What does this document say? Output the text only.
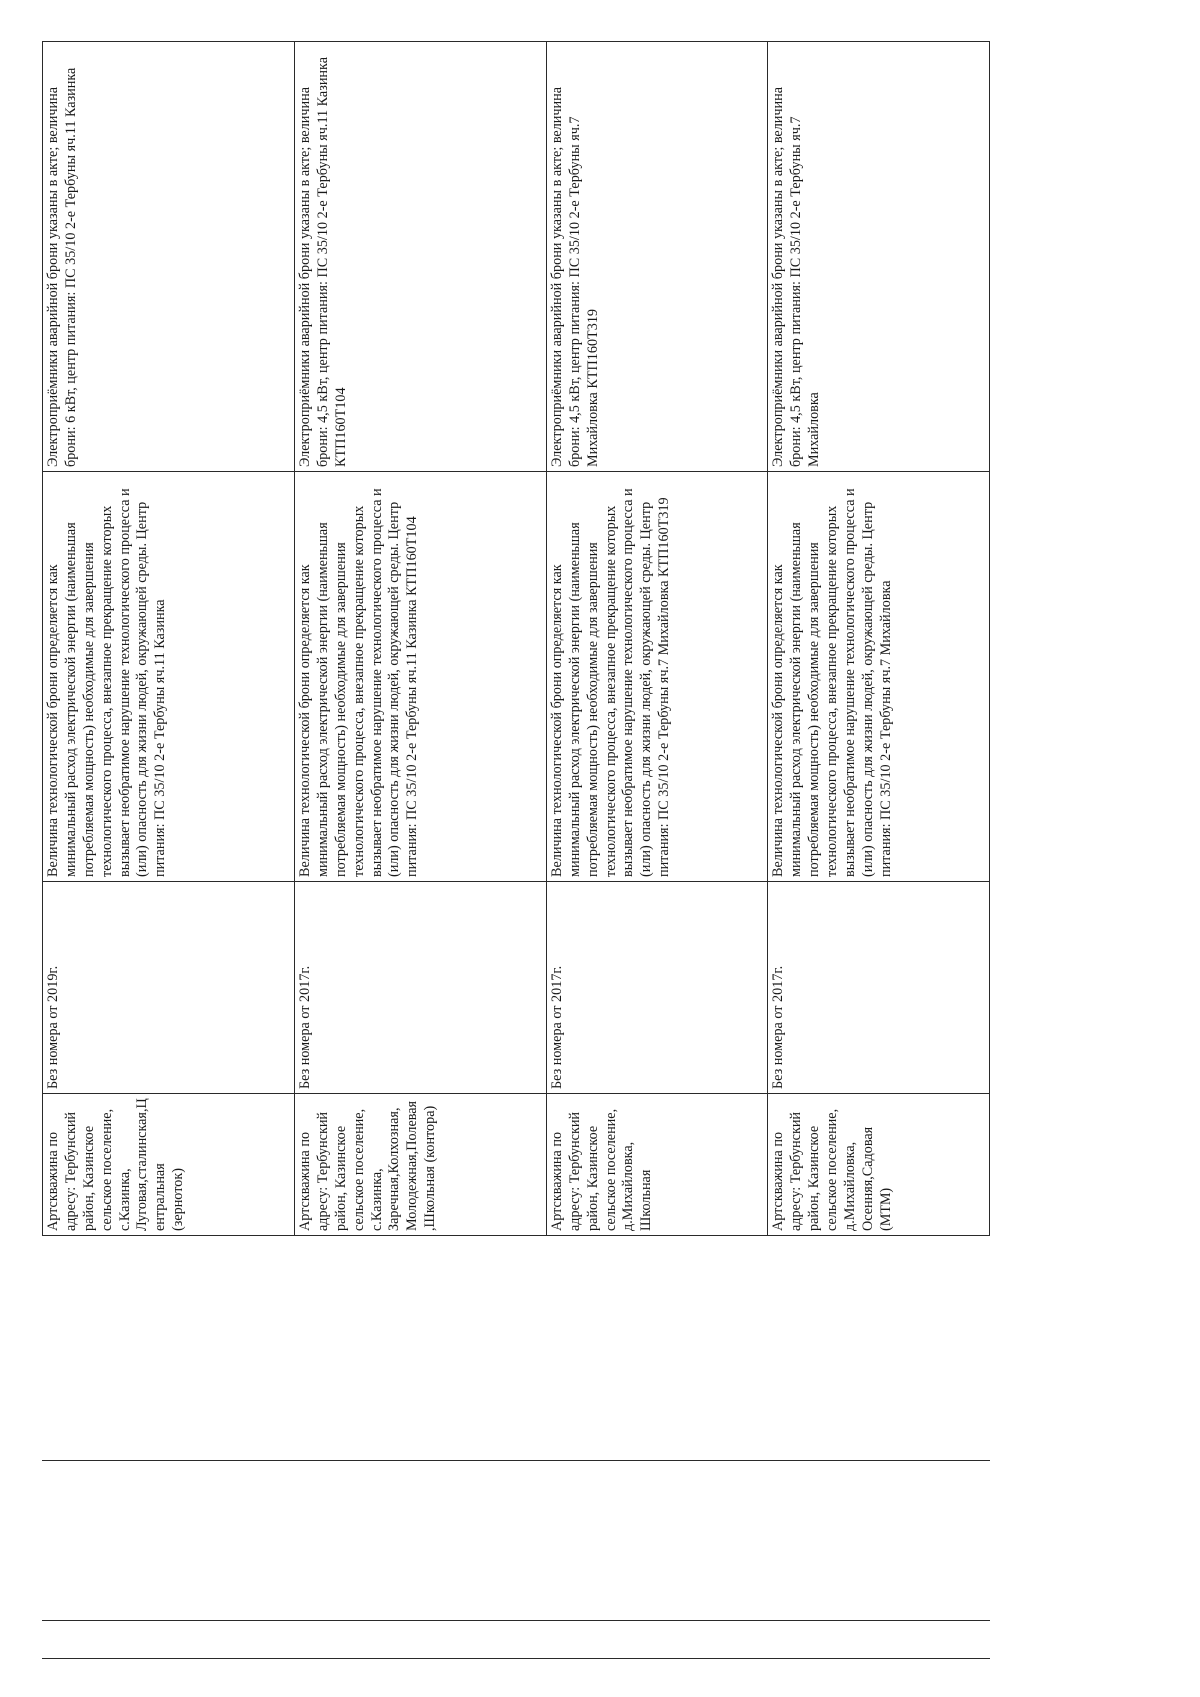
Артскважина по адресу: Тербунский район, Казинское сельское поселение, с.Казинка, Луговая,сталинская,Центральная (зерноток)	Без номера от 2019г.	Величина технологической брони определяется как минимальный расход электрической энергии (наименьшая потребляемая мощность) необходимые для завершения технологического процесса, внезапное прекращение которых вызывает необратимое нарушение технологического процесса и (или) опасность для жизни людей, окружающей среды. Центр питания: ПС 35/10 2-е Тербуны яч.11 Казинка	Электроприёмники аварийной брони указаны в акте; величина брони: 6 кВт, центр питания: ПС 35/10 2-е Тербуны яч.11 Казинка
Артскважина по адресу: Тербунский район, Казинское сельское поселение, с.Казинка, Заречная,Колхозная,Молодежная,Полевая,Школьная (контора)	Без номера от 2017г.	Величина технологической брони определяется как минимальный расход электрической энергии (наименьшая потребляемая мощность) необходимые для завершения технологического процесса, внезапное прекращение которых вызывает необратимое нарушение технологического процесса и (или) опасность для жизни людей, окружающей среды. Центр питания: ПС 35/10 2-е Тербуны яч.11 Казинка КТП160Т104	Электроприёмники аварийной брони указаны в акте; величина брони: 4,5 кВт, центр питания: ПС 35/10 2-е Тербуны яч.11 Казинка КТП160Т104
Артскважина по адресу: Тербунский район, Казинское сельское поселение, д.Михайловка, Школьная	Без номера от 2017г.	Величина технологической брони определяется как минимальный расход электрической энергии (наименьшая потребляемая мощность) необходимые для завершения технологического процесса, внезапное прекращение которых вызывает необратимое нарушение технологического процесса и (или) опасность для жизни людей, окружающей среды. Центр питания: ПС 35/10 2-е Тербуны яч.7 Михайловка КТП160Т319	Электроприёмники аварийной брони указаны в акте; величина брони: 4,5 кВт, центр питания: ПС 35/10 2-е Тербуны яч.7 Михайловка КТП160Т319
Артскважина по адресу: Тербунский район, Казинское сельское поселение, д.Михайловка, Осенняя,Садовая (МТМ)	Без номера от 2017г.	Величина технологической брони определяется как минимальный расход электрической энергии (наименьшая потребляемая мощность) необходимые для завершения технологического процесса, внезапное прекращение которых вызывает необратимое нарушение технологического процесса и (или) опасность для жизни людей, окружающей среды. Центр питания: ПС 35/10 2-е Тербуны яч.7 Михайловка	Электроприёмники аварийной брони указаны в акте; величина брони: 4,5 кВт, центр питания: ПС 35/10 2-е Тербуны яч.7 Михайловка
